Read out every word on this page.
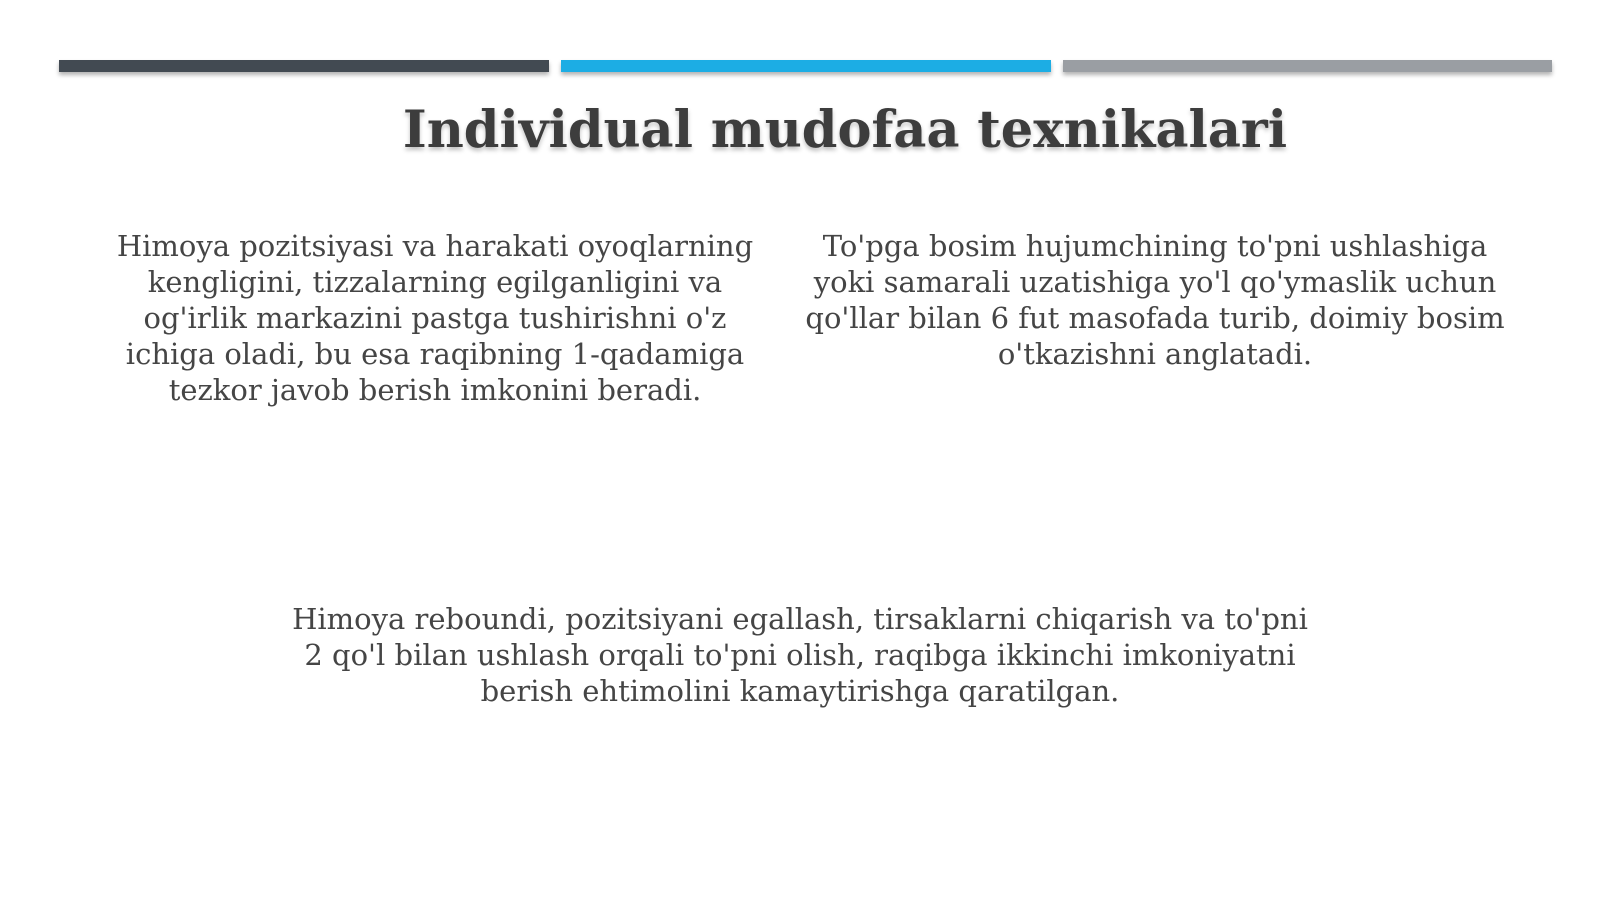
Individual mudofaa texnikalari
Himoya pozitsiyasi va harakati oyoqlarning kengligini, tizzalarning egilganligini va og'irlik markazini pastga tushirishni o'z ichiga oladi, bu esa raqibning 1-qadamiga tezkor javob berish imkonini beradi.
To'pga bosim hujumchining to'pni ushlashiga yoki samarali uzatishiga yo'l qo'ymaslik uchun qo'llar bilan 6 fut masofada turib, doimiy bosim o'tkazishni anglatadi.
Himoya reboundi, pozitsiyani egallash, tirsaklarni chiqarish va to'pni 2 qo'l bilan ushlash orqali to'pni olish, raqibga ikkinchi imkoniyatni berish ehtimolini kamaytirishga qaratilgan.
